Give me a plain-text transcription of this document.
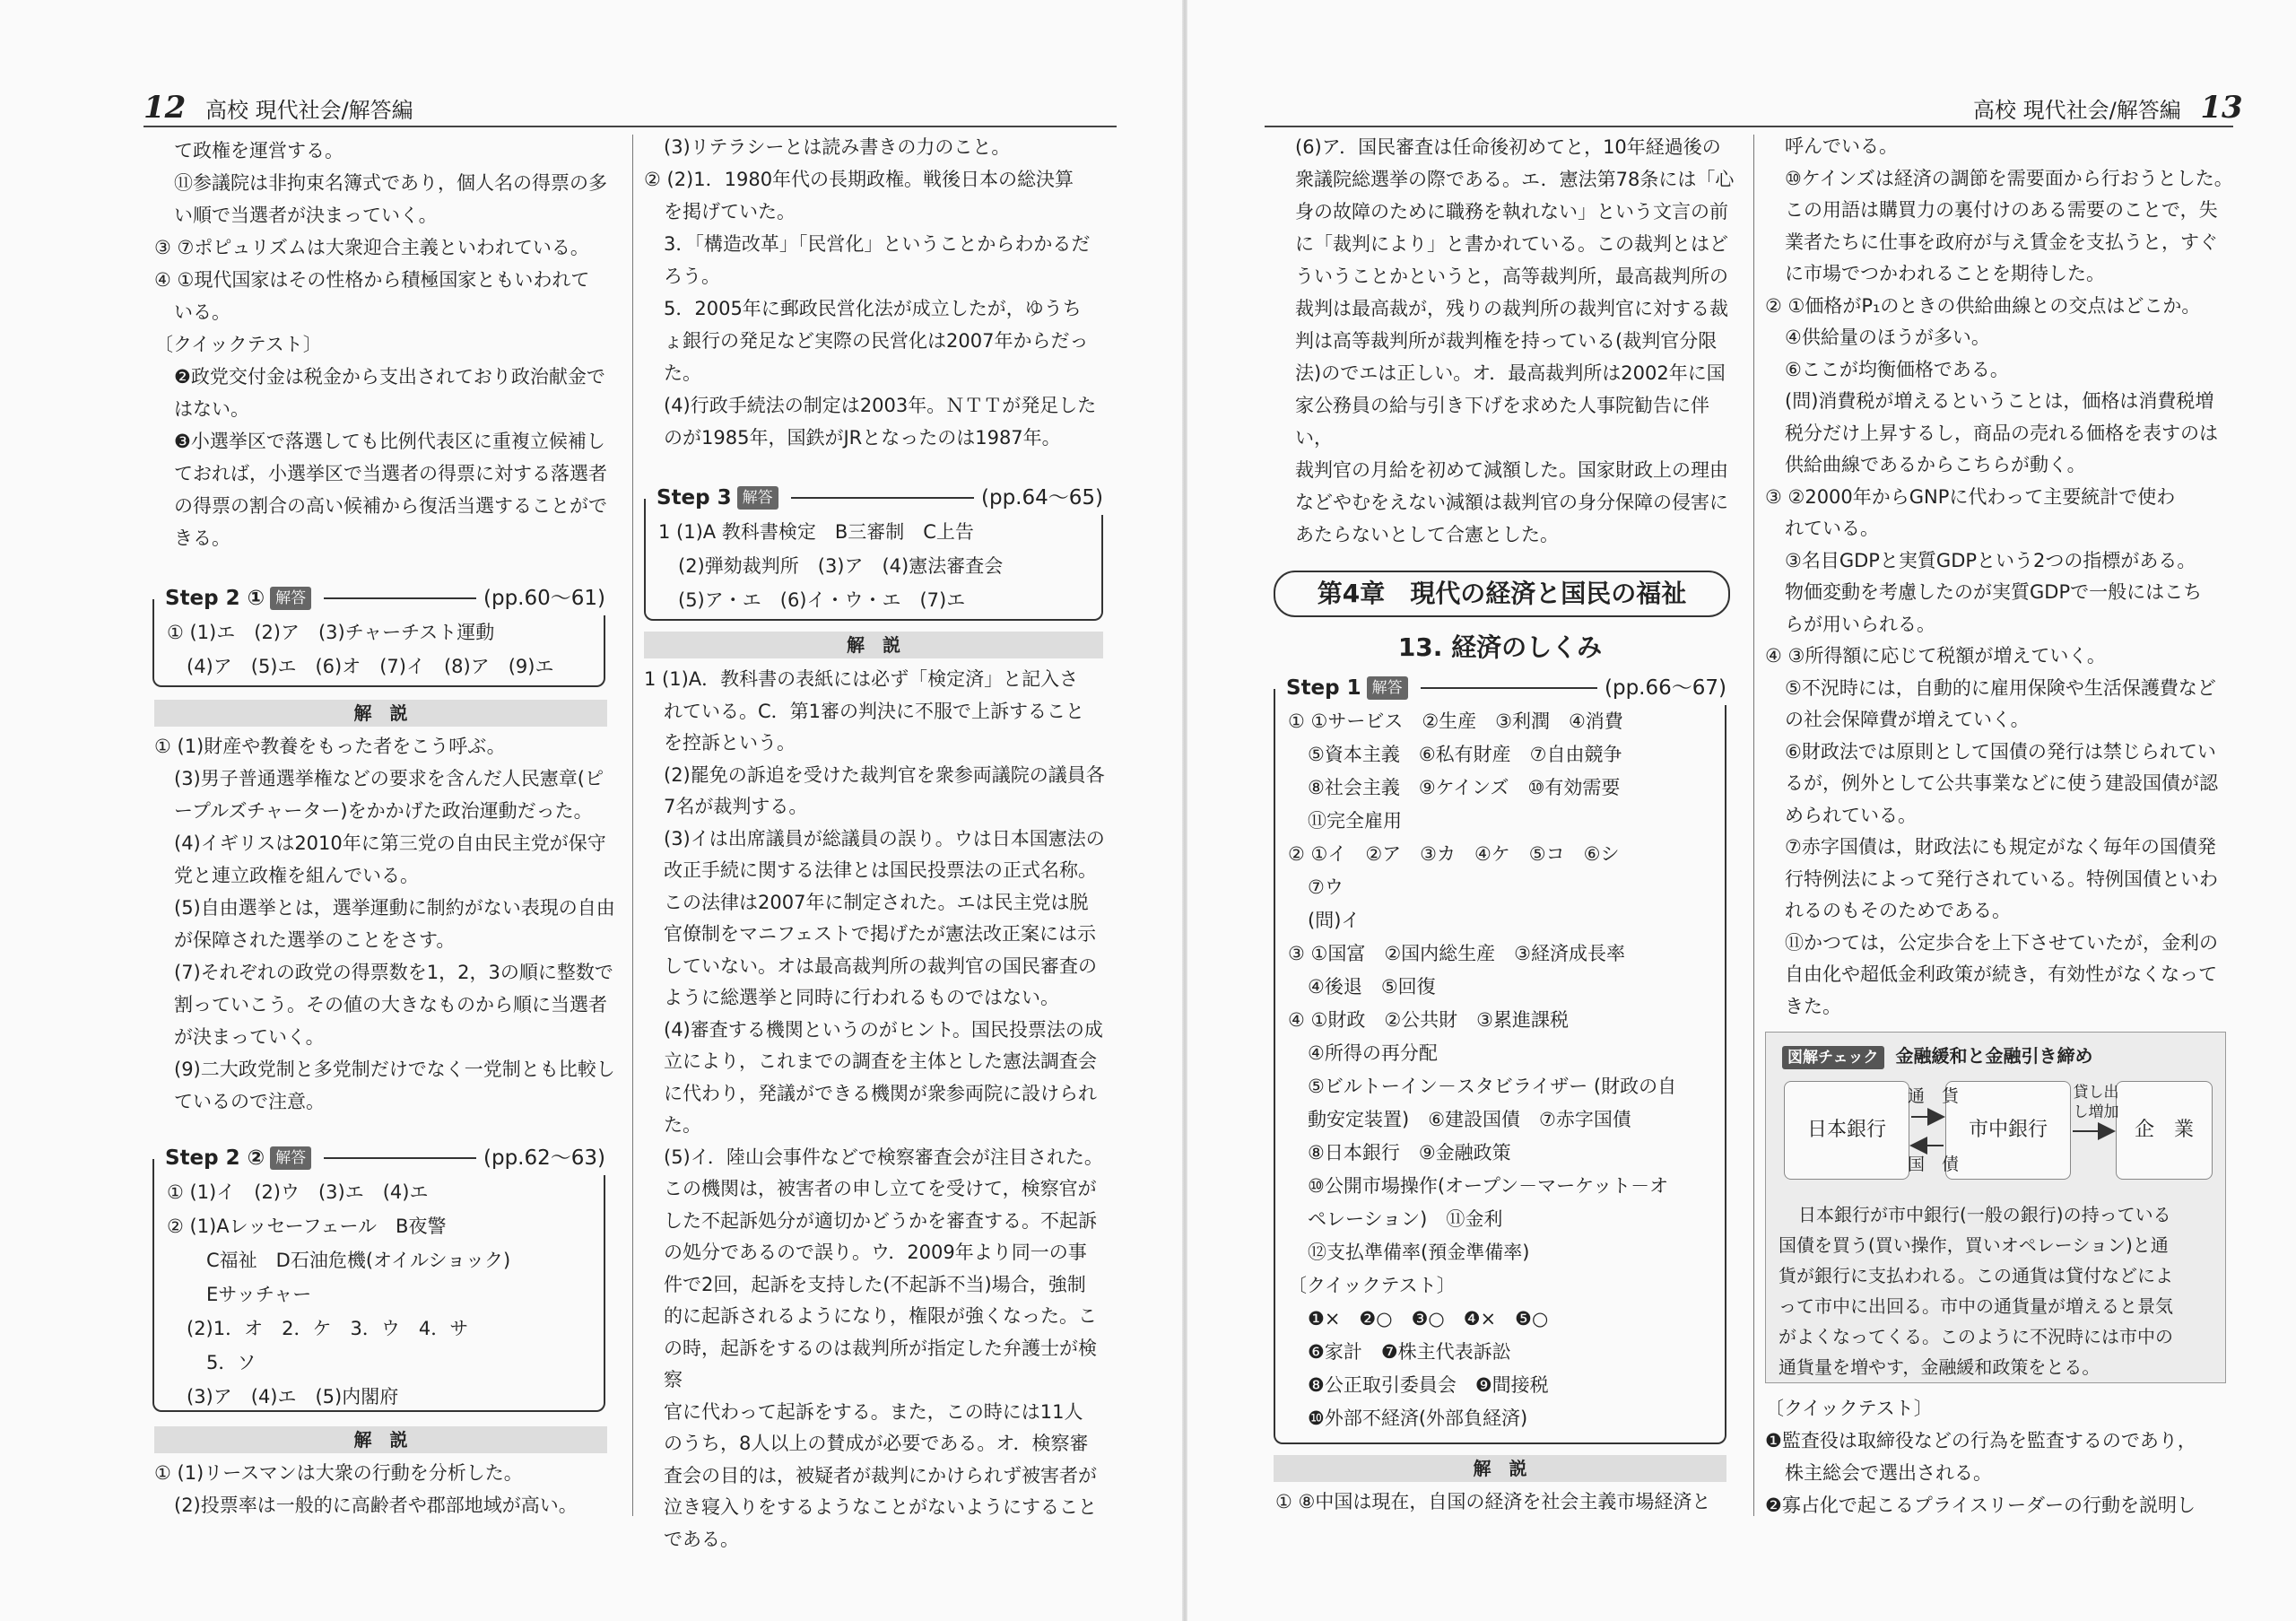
12 高校 現代社会/解答編

て政権を運営する。

⑪参議院は非拘束名簿式であり，個人名の得票の多

い順で当選者が決まっていく。

③ ⑦ポピュリズムは大衆迎合主義といわれている。

④ ①現代国家はその性格から積極国家ともいわれて

いる。

〔クイックテスト〕

❷政党交付金は税金から支出されており政治献金で

はない。

❸小選挙区で落選しても比例代表区に重複立候補し

ておれば，小選挙区で当選者の得票に対する落選者

の得票の割合の高い候補から復活当選することがで

きる。

Step 2 ① 解答	(pp.60～61)
① (1)エ　(2)ア　(3)チャーチスト運動
(4)ア　(5)エ　(6)オ　(7)イ　(8)ア　(9)エ
解　説

① (1)財産や教養をもった者をこう呼ぶ。

(3)男子普通選挙権などの要求を含んだ人民憲章(ピ

ープルズチャーター)をかかげた政治運動だった。

(4)イギリスは2010年に第三党の自由民主党が保守

党と連立政権を組んでいる。

(5)自由選挙とは，選挙運動に制約がない表現の自由

が保障された選挙のことをさす。

(7)それぞれの政党の得票数を1，2，3の順に整数で

割っていこう。その値の大きなものから順に当選者

が決まっていく。

(9)二大政党制と多党制だけでなく一党制とも比較し

ているので注意。

Step 2 ② 解答	(pp.62～63)
① (1)イ　(2)ウ　(3)エ　(4)エ
② (1)Aレッセーフェール　B夜警
C福祉　D石油危機(オイルショック)
Eサッチャー
(2)1．オ　2．ケ　3．ウ　4．サ
5．ソ
(3)ア　(4)エ　(5)内閣府
解　説

① (1)リースマンは大衆の行動を分析した。

(2)投票率は一般的に高齢者や郡部地域が高い。

(3)リテラシーとは読み書きの力のこと。

② (2)1．1980年代の長期政権。戦後日本の総決算

を掲げていた。

3．「構造改革」「民営化」ということからわかるだ

ろう。

5．2005年に郵政民営化法が成立したが，ゆうち

ょ銀行の発足など実際の民営化は2007年からだっ

た。

(4)行政手続法の制定は2003年。ＮＴＴが発足した

のが1985年，国鉄がJRとなったのは1987年。

Step 3 解答	(pp.64～65)
1 (1)A 教科書検定　B三審制　C上告
(2)弾劾裁判所　(3)ア　(4)憲法審査会
(5)ア・エ　(6)イ・ウ・エ　(7)エ
解　説

1 (1)A．教科書の表紙には必ず「検定済」と記入さ

れている。C．第1審の判決に不服で上訴すること

を控訴という。

(2)罷免の訴追を受けた裁判官を衆参両議院の議員各

7名が裁判する。

(3)イは出席議員が総議員の誤り。ウは日本国憲法の

改正手続に関する法律とは国民投票法の正式名称。

この法律は2007年に制定された。エは民主党は脱

官僚制をマニフェストで掲げたが憲法改正案には示

していない。オは最高裁判所の裁判官の国民審査の

ように総選挙と同時に行われるものではない。

(4)審査する機関というのがヒント。国民投票法の成

立により，これまでの調査を主体とした憲法調査会

に代わり，発議ができる機関が衆参両院に設けられ

た。

(5)イ．陸山会事件などで検察審査会が注目された。

この機関は，被害者の申し立てを受けて，検察官が

した不起訴処分が適切かどうかを審査する。不起訴

の処分であるので誤り。ウ．2009年より同一の事

件で2回，起訴を支持した(不起訴不当)場合，強制

的に起訴されるようになり，権限が強くなった。こ

の時，起訴をするのは裁判所が指定した弁護士が検察

官に代わって起訴をする。また，この時には11人

のうち，8人以上の賛成が必要である。オ．検察審

査会の目的は，被疑者が裁判にかけられず被害者が

泣き寝入りをするようなことがないようにすること

である。

高校 現代社会/解答編 13

(6)ア．国民審査は任命後初めてと，10年経過後の

衆議院総選挙の際である。エ．憲法第78条には「心

身の故障のために職務を執れない」という文言の前

に「裁判により」と書かれている。この裁判とはど

ういうことかというと，高等裁判所，最高裁判所の

裁判は最高裁が，残りの裁判所の裁判官に対する裁

判は高等裁判所が裁判権を持っている(裁判官分限

法)のでエは正しい。オ．最高裁判所は2002年に国

家公務員の給与引き下げを求めた人事院勧告に伴い，

裁判官の月給を初めて減額した。国家財政上の理由

などやむをえない減額は裁判官の身分保障の侵害に

あたらないとして合憲とした。

第4章　現代の経済と国民の福祉
13. 経済のしくみ
Step 1 解答	(pp.66～67)
① ①サービス　②生産　③利潤　④消費
⑤資本主義　⑥私有財産　⑦自由競争
⑧社会主義　⑨ケインズ　⑩有効需要
⑪完全雇用
② ①イ　②ア　③カ　④ケ　⑤コ　⑥シ
⑦ウ
(問)イ
③ ①国富　②国内総生産　③経済成長率
④後退　⑤回復
④ ①財政　②公共財　③累進課税
④所得の再分配
⑤ビルトーイン－スタビライザー (財政の自
動安定装置)　⑥建設国債　⑦赤字国債
⑧日本銀行　⑨金融政策
⑩公開市場操作(オープン－マーケット－オ
ペレーション)　⑪金利
⑫支払準備率(預金準備率)
〔クイックテスト〕
❶×　❷○　❸○　❹×　❺○
❻家計　❼株主代表訴訟
❽公正取引委員会　❾間接税
❿外部不経済(外部負経済)
解　説

① ⑧中国は現在，自国の経済を社会主義市場経済と

呼んでいる。

⑩ケインズは経済の調節を需要面から行おうとした。

この用語は購買力の裏付けのある需要のことで，失

業者たちに仕事を政府が与え賃金を支払うと，すぐ

に市場でつかわれることを期待した。

② ①価格がP₁のときの供給曲線との交点はどこか。

④供給量のほうが多い。

⑥ここが均衡価格である。

(問)消費税が増えるということは，価格は消費税増

税分だけ上昇するし，商品の売れる価格を表すのは

供給曲線であるからこちらが動く。

③ ②2000年からGNPに代わって主要統計で使わ

れている。

③名目GDPと実質GDPという2つの指標がある。

物価変動を考慮したのが実質GDPで一般にはこち

らが用いられる。

④ ③所得額に応じて税額が増えていく。

⑤不況時には，自動的に雇用保険や生活保護費など

の社会保障費が増えていく。

⑥財政法では原則として国債の発行は禁じられてい

るが，例外として公共事業などに使う建設国債が認

められている。

⑦赤字国債は，財政法にも規定がなく毎年の国債発

行特例法によって発行されている。特例国債といわ

れるのもそのためである。

⑪かつては，公定歩合を上下させていたが，金利の

自由化や超低金利政策が続き，有効性がなくなって

きた。

図解チェック 金融緩和と金融引き締め
日本銀行	市中銀行	企　業
通　貨
国　債
貸し出し増加

日本銀行が市中銀行(一般の銀行)の持っている

国債を買う(買い操作，買いオペレーション)と通

貨が銀行に支払われる。この通貨は貸付などによ

って市中に出回る。市中の通貨量が増えると景気

がよくなってくる。このように不況時には市中の

通貨量を増やす，金融緩和政策をとる。

〔クイックテスト〕

❶監査役は取締役などの行為を監査するのであり，

株主総会で選出される。

❷寡占化で起こるプライスリーダーの行動を説明し
